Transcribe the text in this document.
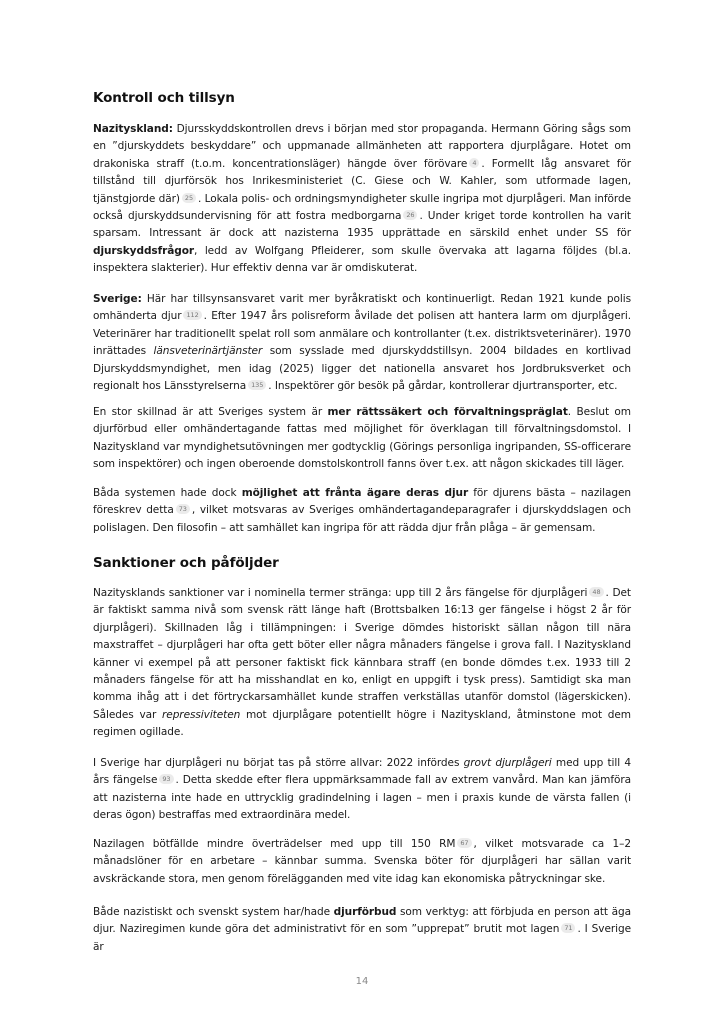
Kontroll och tillsyn

Nazityskland: Djursskyddskontrollen drevs i början med stor propaganda. Hermann Göring sågs som en ”djurskyddets beskyddare” och uppmanade allmänheten att rapportera djurplågare. Hotet om drakoniska straff (t.o.m. koncentrationsläger) hängde över förövare 4 . Formellt låg ansvaret för tillstånd till djurförsök hos Inrikesministeriet (C. Giese och W. Kahler, som utformade lagen, tjänstgjorde där) 25 . Lokala polis- och ordningsmyndigheter skulle ingripa mot djurplågeri. Man införde också djurskyddsundervisning för att fostra medborgarna 26 . Under kriget torde kontrollen ha varit sparsam. Intressant är dock att nazisterna 1935 upprättade en särskild enhet under SS för djurskyddsfrågor, ledd av Wolfgang Pfleiderer, som skulle övervaka att lagarna följdes (bl.a. inspektera slakterier). Hur effektiv denna var är omdiskuterat.

Sverige: Här har tillsynsansvaret varit mer byråkratiskt och kontinuerligt. Redan 1921 kunde polis omhänderta djur 112 . Efter 1947 års polisreform åvilade det polisen att hantera larm om djurplågeri. Veterinärer har traditionellt spelat roll som anmälare och kontrollanter (t.ex. distriktsveterinärer). 1970 inrättades länsveterinärtjänster som sysslade med djurskyddstillsyn. 2004 bildades en kortlivad Djurskyddsmyndighet, men idag (2025) ligger det nationella ansvaret hos Jordbruksverket och regionalt hos Länsstyrelserna 135 . Inspektörer gör besök på gårdar, kontrollerar djurtransporter, etc.

En stor skillnad är att Sveriges system är mer rättssäkert och förvaltningspräglat. Beslut om djurförbud eller omhändertagande fattas med möjlighet för överklagan till förvaltningsdomstol. I Nazityskland var myndighetsutövningen mer godtycklig (Görings personliga ingripanden, SS-officerare som inspektörer) och ingen oberoende domstolskontroll fanns över t.ex. att någon skickades till läger.

Båda systemen hade dock möjlighet att frånta ägare deras djur för djurens bästa – nazilagen föreskrev detta 73 , vilket motsvaras av Sveriges omhändertagandeparagrafer i djurskyddslagen och polislagen. Den filosofin – att samhället kan ingripa för att rädda djur från plåga – är gemensam.

Sanktioner och påföljder

Nazitysklands sanktioner var i nominella termer stränga: upp till 2 års fängelse för djurplågeri 48 . Det är faktiskt samma nivå som svensk rätt länge haft (Brottsbalken 16:13 ger fängelse i högst 2 år för djurplågeri). Skillnaden låg i tillämpningen: i Sverige dömdes historiskt sällan någon till nära maxstraffet – djurplågeri har ofta gett böter eller några månaders fängelse i grova fall. I Nazityskland känner vi exempel på att personer faktiskt fick kännbara straff (en bonde dömdes t.ex. 1933 till 2 månaders fängelse för att ha misshandlat en ko, enligt en uppgift i tysk press). Samtidigt ska man komma ihåg att i det förtryckarsamhället kunde straffen verkställas utanför domstol (lägerskicken). Således var repressiviteten mot djurplågare potentiellt högre i Nazityskland, åtminstone mot dem regimen ogillade.

I Sverige har djurplågeri nu börjat tas på större allvar: 2022 infördes grovt djurplågeri med upp till 4 års fängelse 93 . Detta skedde efter flera uppmärksammade fall av extrem vanvård. Man kan jämföra att nazisterna inte hade en uttrycklig gradindelning i lagen – men i praxis kunde de värsta fallen (i deras ögon) bestraffas med extraordinära medel.

Nazilagen bötfällde mindre överträdelser med upp till 150 RM 67 , vilket motsvarade ca 1–2 månadslöner för en arbetare – kännbar summa. Svenska böter för djurplågeri har sällan varit avskräckande stora, men genom förelägganden med vite idag kan ekonomiska påtryckningar ske.

Både nazistiskt och svenskt system har/hade djurförbud som verktyg: att förbjuda en person att äga djur. Naziregimen kunde göra det administrativt för en som ”upprepat” brutit mot lagen 71 . I Sverige är

14
